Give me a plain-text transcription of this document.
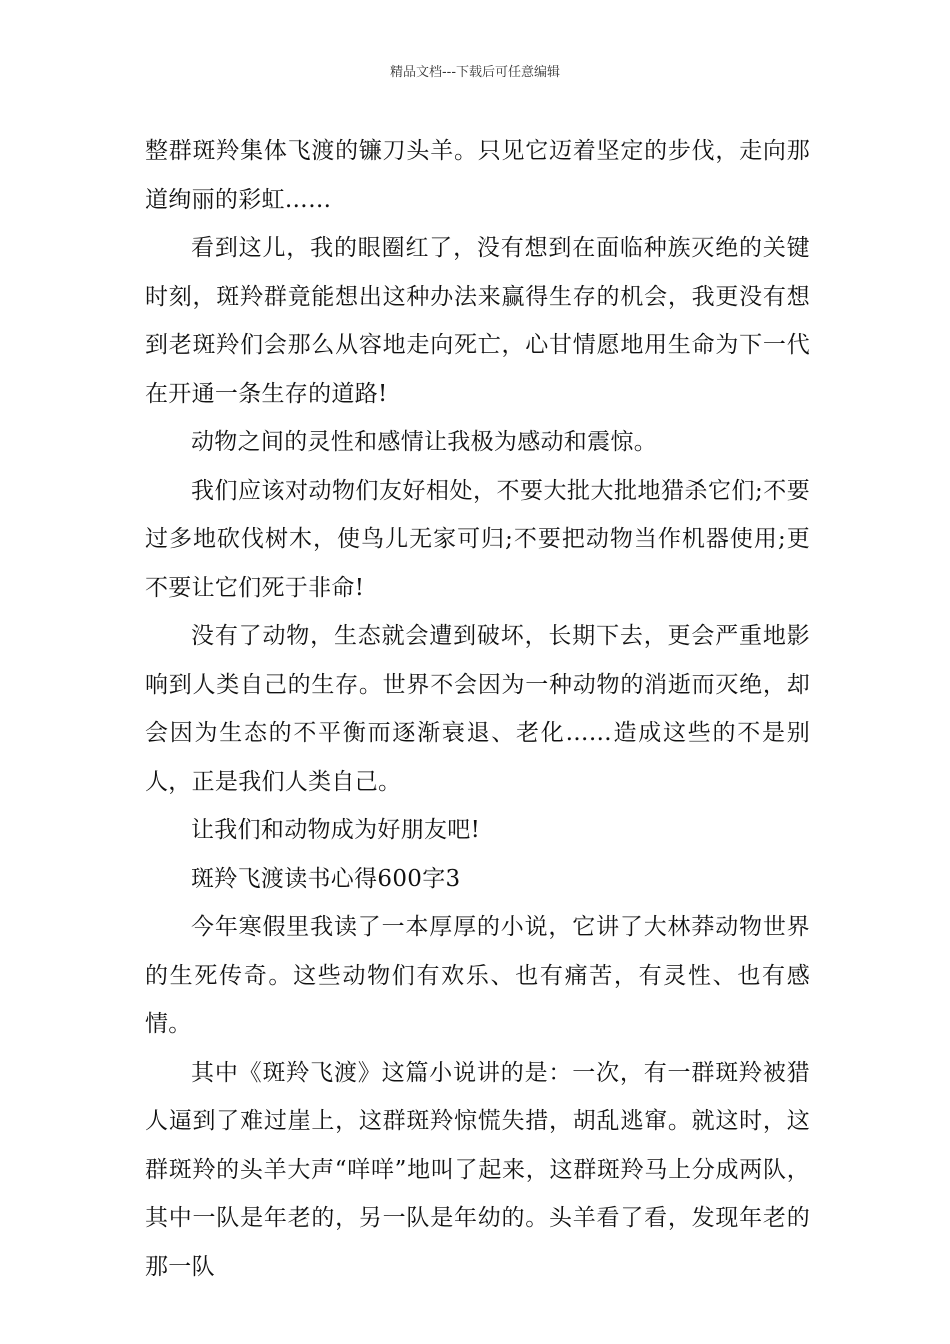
精品文档---下载后可任意编辑

整群斑羚集体飞渡的镰刀头羊。只见它迈着坚定的步伐，走向那道绚丽的彩虹……

看到这儿，我的眼圈红了，没有想到在面临种族灭绝的关键时刻，斑羚群竟能想出这种办法来赢得生存的机会，我更没有想到老斑羚们会那么从容地走向死亡，心甘情愿地用生命为下一代在开通一条生存的道路!

动物之间的灵性和感情让我极为感动和震惊。

我们应该对动物们友好相处，不要大批大批地猎杀它们;不要过多地砍伐树木，使鸟儿无家可归;不要把动物当作机器使用;更不要让它们死于非命!

没有了动物，生态就会遭到破坏，长期下去，更会严重地影响到人类自己的生存。世界不会因为一种动物的消逝而灭绝，却会因为生态的不平衡而逐渐衰退、老化……造成这些的不是别人，正是我们人类自己。

让我们和动物成为好朋友吧!

斑羚飞渡读书心得600字3

今年寒假里我读了一本厚厚的小说，它讲了大林莽动物世界的生死传奇。这些动物们有欢乐、也有痛苦，有灵性、也有感情。

其中《斑羚飞渡》这篇小说讲的是：一次，有一群斑羚被猎人逼到了难过崖上，这群斑羚惊慌失措，胡乱逃窜。就这时，这群斑羚的头羊大声“咩咩”地叫了起来，这群斑羚马上分成两队，其中一队是年老的，另一队是年幼的。头羊看了看，发现年老的那一队
